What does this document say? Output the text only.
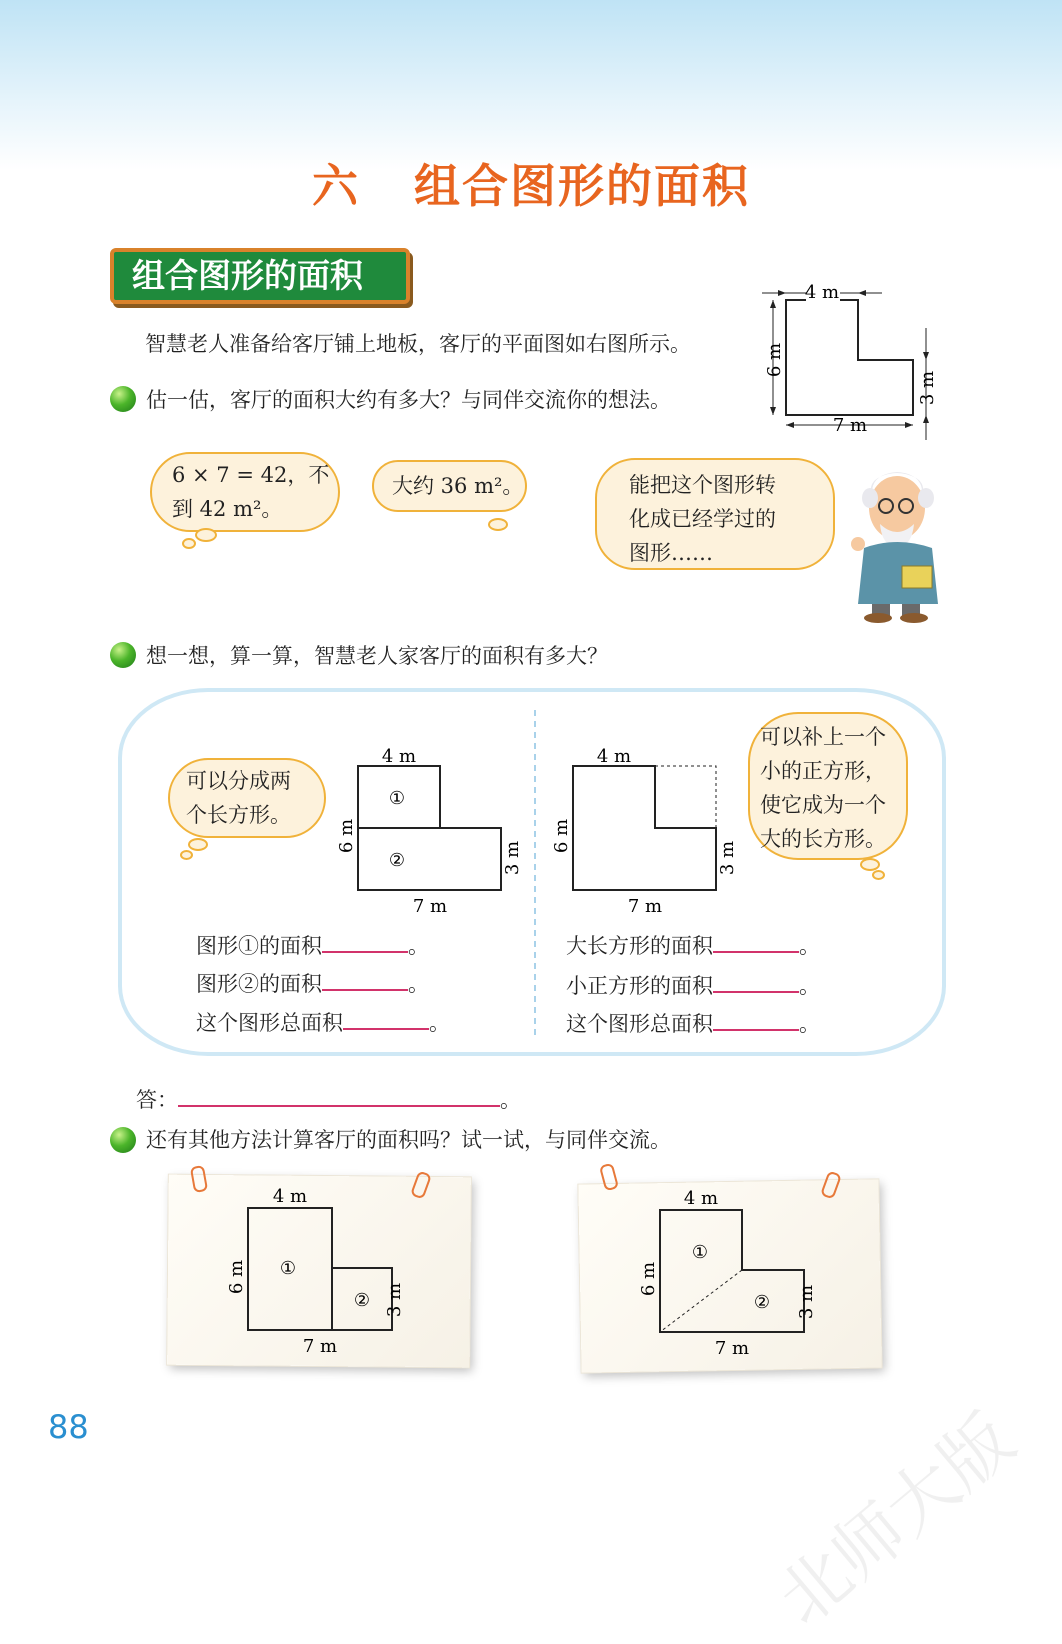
六 组合图形的面积
组合图形的面积
智慧老人准备给客厅铺上地板，客厅的平面图如右图所示。
4 m
6 m
3 m
7 m
估一估，客厅的面积大约有多大？与同伴交流你的想法。
6 × 7 = 42，不
到 42 m²。
大约 36 m²。	能把这个图形转
化成已经学过的
图形……
想一想，算一算，智慧老人家客厅的面积有多大？
可以分成两
个长方形。
4 m
6 m
3 m
7 m
①
②
4 m
6 m
3 m
7 m
可以补上一个
小的正方形，
使它成为一个
大的长方形。
图形①的面积	。
图形②的面积	。
这个图形总面积	。
大长方形的面积	。
小正方形的面积	。
这个图形总面积	。
答：	。
还有其他方法计算客厅的面积吗？试一试，与同伴交流。
4 m
6 m
3 m
7 m
①
②
4 m
6 m
3 m
7 m
①
②
88	北师大版
